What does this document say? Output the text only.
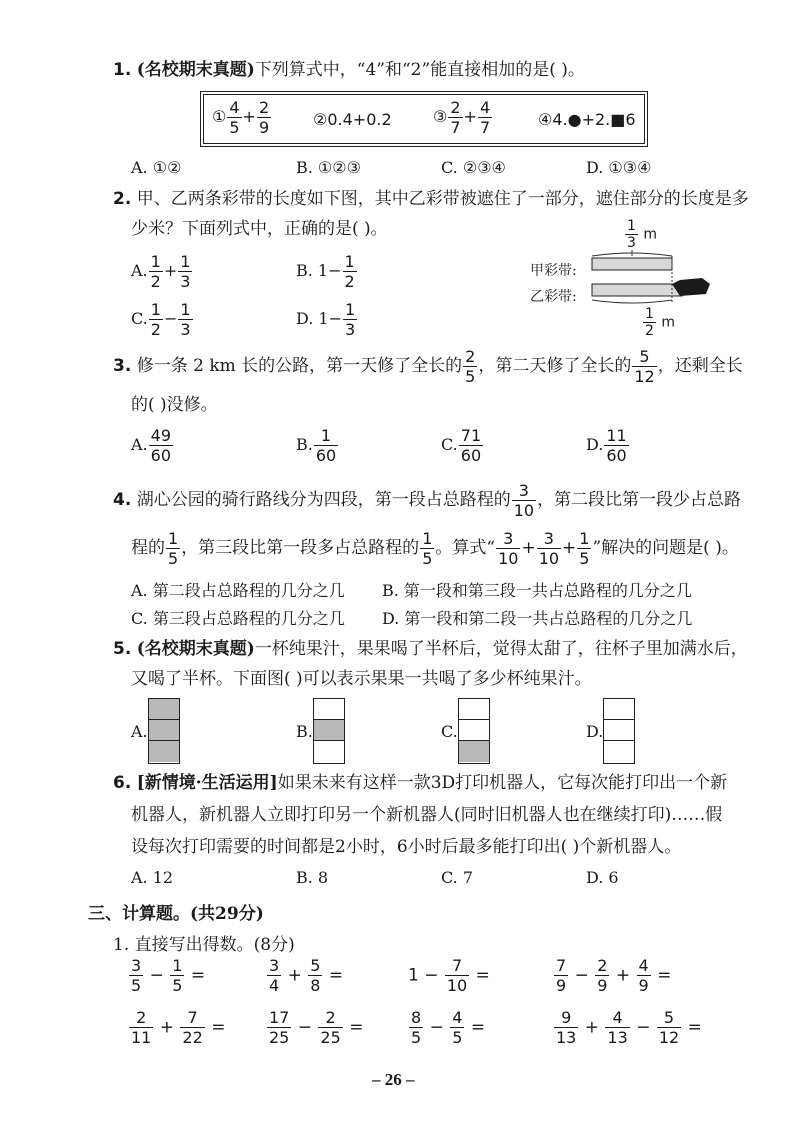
1. (名校期末真题)下列算式中，“4”和“2”能直接相加的是( )。
① $\frac{4}{5} + \frac{2}{9}$	②0.4+0.2	③ $\frac{2}{7} + \frac{4}{7}$	④4.●+2.■6
A. ①②	B. ①②③	C. ②③④	D. ①③④
2. 甲、乙两条彩带的长度如下图，其中乙彩带被遮住了一部分，遮住部分的长度是多
少米？下面列式中，正确的是( )。
A. $\frac{1}{2} + \frac{1}{3}$	B. $1- \frac{1}{2}$
C. $\frac{1}{2} - \frac{1}{3}$	D. $1- \frac{1}{3}$
$\frac{1}{3}$ m
甲彩带:
乙彩带:
$\frac{1}{2}$ m
3. 修一条 2 km 长的公路，第一天修了全长的 $\frac{2}{5}$ ，第二天修了全长的 $\frac{5}{12}$ ，还剩全长
的( )没修。
A. $\frac{49}{60}$	B. $\frac{1}{60}$	C. $\frac{71}{60}$	D. $\frac{11}{60}$
4. 湖心公园的骑行路线分为四段，第一段占总路程的 $\frac{3}{10}$ ，第二段比第一段少占总路
程的 $\frac{1}{5}$ ，第三段比第一段多占总路程的 $\frac{1}{5}$ 。算式“ $\frac{3}{10} + \frac{3}{10} + \frac{1}{5}$ ”解决的问题是( )。
A. 第二段占总路程的几分之几 B. 第一段和第三段一共占总路程的几分之几
C. 第三段占总路程的几分之几 D. 第一段和第二段一共占总路程的几分之几
5. (名校期末真题)一杯纯果汁，果果喝了半杯后，觉得太甜了，往杯子里加满水后，
又喝了半杯。下面图( )可以表示果果一共喝了多少杯纯果汁。
A.	B.	C.	D.
6. [新情境·生活运用]如果未来有这样一款3D打印机器人，它每次能打印出一个新
机器人，新机器人立即打印另一个新机器人(同时旧机器人也在继续打印)……假
设每次打印需要的时间都是2小时，6小时后最多能打印出( )个新机器人。
A. 12	B. 8	C. 7	D. 6
三、计算题。(共29分)
1. 直接写出得数。(8分)
$\frac{3}{5} - \frac{1}{5}$ =	$\frac{3}{4} + \frac{5}{8}$ =	$1 - \frac{7}{10}$ =	$\frac{7}{9} - \frac{2}{9} + \frac{4}{9}$ =
$\frac{2}{11} + \frac{7}{22}$ =	$\frac{17}{25} - \frac{2}{25}$ =	$\frac{8}{5} - \frac{4}{5}$ =	$\frac{9}{13} + \frac{4}{13} - \frac{5}{12}$ =
– 26 –
